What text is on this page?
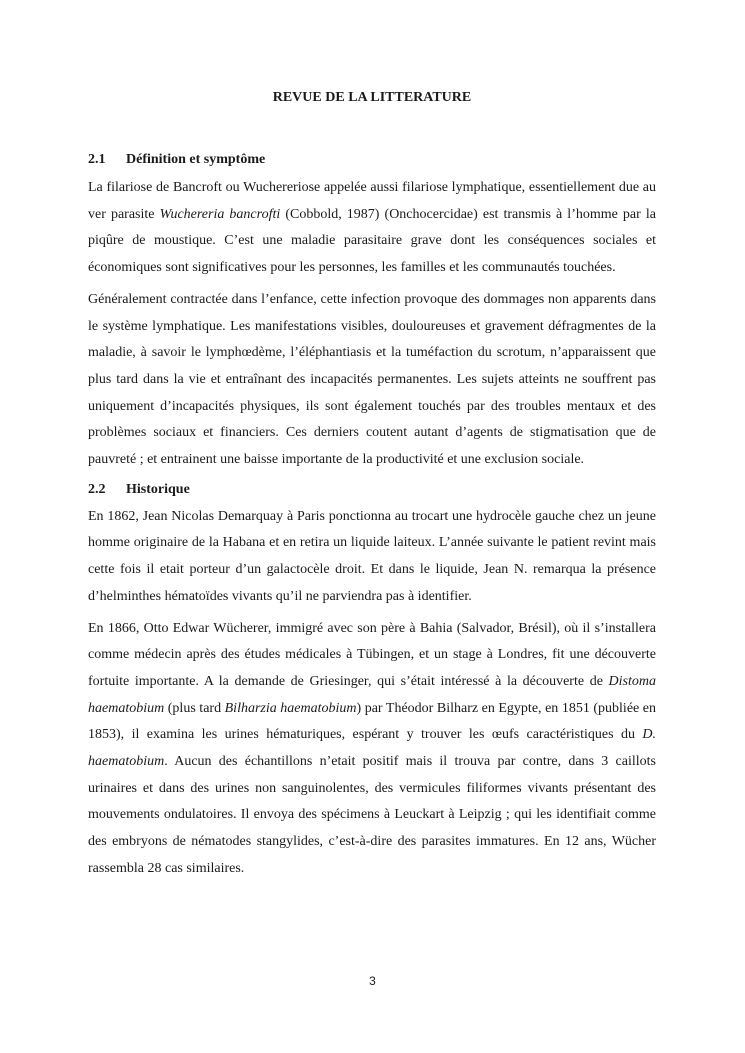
REVUE DE LA LITTERATURE
2.1	Définition et symptôme

La filariose de Bancroft ou Wuchereriose appelée aussi filariose lymphatique, essentiellement due au ver parasite Wuchereria bancrofti (Cobbold, 1987) (Onchocercidae) est transmis à l’homme par la piqûre de moustique. C’est une maladie parasitaire grave dont les conséquences sociales et économiques sont significatives pour les personnes, les familles et les communautés touchées.

Généralement contractée dans l’enfance, cette infection provoque des dommages non apparents dans le système lymphatique. Les manifestations visibles, douloureuses et gravement défragmentes de la maladie, à savoir le lymphœdème, l’éléphantiasis et la tuméfaction du scrotum, n’apparaissent que plus tard dans la vie et entraînant des incapacités permanentes. Les sujets atteints ne souffrent pas uniquement d’incapacités physiques, ils sont également touchés par des troubles mentaux et des problèmes sociaux et financiers. Ces derniers coutent autant d’agents de stigmatisation que de pauvreté ; et entrainent une baisse importante de la productivité et une exclusion sociale.

2.2	Historique

En 1862, Jean Nicolas Demarquay à Paris ponctionna au trocart une hydrocèle gauche chez un jeune homme originaire de la Habana et en retira un liquide laiteux. L’année suivante le patient revint mais cette fois il etait porteur d’un galactocèle droit. Et dans le liquide, Jean N. remarqua la présence d’helminthes hématoïdes vivants qu’il ne parviendra pas à identifier.

En 1866, Otto Edwar Wücherer, immigré avec son père à Bahia (Salvador, Brésil), où il s’installera comme médecin après des études médicales à Tübingen, et un stage à Londres, fit une découverte fortuite importante. A la demande de Griesinger, qui s’était intéressé à la découverte de Distoma haematobium (plus tard Bilharzia haematobium) par Théodor Bilharz en Egypte, en 1851 (publiée en 1853), il examina les urines hématuriques, espérant y trouver les œufs caractéristiques du D. haematobium. Aucun des échantillons n’etait positif mais il trouva par contre, dans 3 caillots urinaires et dans des urines non sanguinolentes, des vermicules filiformes vivants présentant des mouvements ondulatoires. Il envoya des spécimens à Leuckart à Leipzig ; qui les identifiait comme des embryons de nématodes stangylides, c’est-à-dire des parasites immatures. En 12 ans, Wücher rassembla 28 cas similaires.

3
